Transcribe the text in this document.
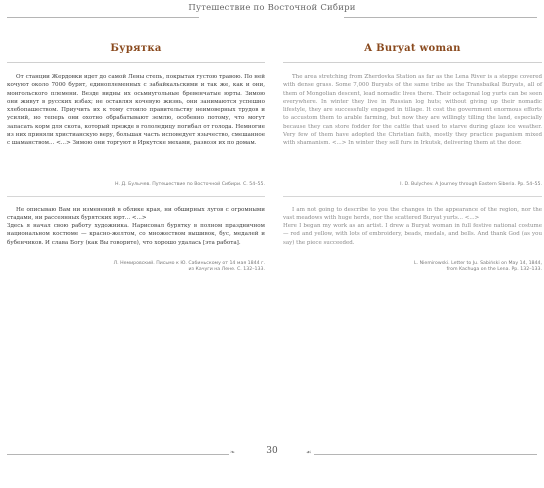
Путешествие по Восточной Сибири
Бурятка

От станции Жердовки идет до самой Лены степь, покрытая густою травою. По ней кочуют около 7000 бурят, единоплеменных с забайкальскими и так же, как и они, монгольского племени. Везде видны их осьмиугольные бревенчатые юрты. Зимою они живут в русских избах; не оставляя кочевую жизнь, они занимаются успешно хлебопашеством. Приучить их к тому стоило правительству неимоверных трудов и усилий, но теперь они охотно обрабатывают землю, особенно потому, что могут запасать корм для скота, который прежде в гололедицу погибал от голода. Немногие из них приняли христианскую веру, большая часть исповедует язычество, смешанное с шаманством... <...> Зимою они торгуют в Иркутске мехами, развозя их по домам.

Н. Д. Булычев. Путешествие по Восточной Сибири. С. 54–55.

Не описываю Вам ни изменений в облике края, ни обширных лугов с огромными стадами, ни рассеянных бурятских юрт... <...>
Здесь я начал свою работу художника. Нарисовал бурятку в полном праздничном национальном костюме — красно-желтом, со множеством вышивок, бус, медалей и бубенчиков. И слава Богу (как Вы говорите), что хорошо удалась [эта работа].

Л. Немировский. Письмо к Ю. Сабиньскому от 14 мая 1844 г.
из Качуги на Лене. С. 132–133.
A Buryat woman

The area stretching from Zherdovka Station as far as the Lena River is a steppe covered with dense grass. Some 7,000 Buryats of the same tribe as the Transbaikal Buryats, all of them of Mongolian descent, lead nomadic lives there. Their octagonal log yurts can be seen everywhere. In winter they live in Russian log huts; without giving up their nomadic lifestyle, they are successfully engaged in tillage. It cost the government enormous efforts to accustom them to arable farming, but now they are willingly tilling the land, especially because they can store fodder for the cattle that used to starve during glaze ice weather. Very few of them have adopted the Christian faith, mostly they practice paganism mixed with shamanism. <...> In winter they sell furs in Irkutsk, delivering them at the door.

I. D. Bulychev. A Journey through Eastern Siberia. Pp. 54–55.

I am not going to describe to you the changes in the appearance of the region, nor the vast meadows with huge herds, nor the scattered Buryat yurts... <...>
Here I began my work as an artist. I drew a Buryat woman in full festive national costume — red and yellow, with lots of embroidery, beads, medals, and bells. And thank God (as you say) the piece succeeded.

L. Niemirowski. Letter to Ju. Sabiński on May 14, 1844,
from Kachuga on the Lena. Pp. 132–133.
❧	30	☙
